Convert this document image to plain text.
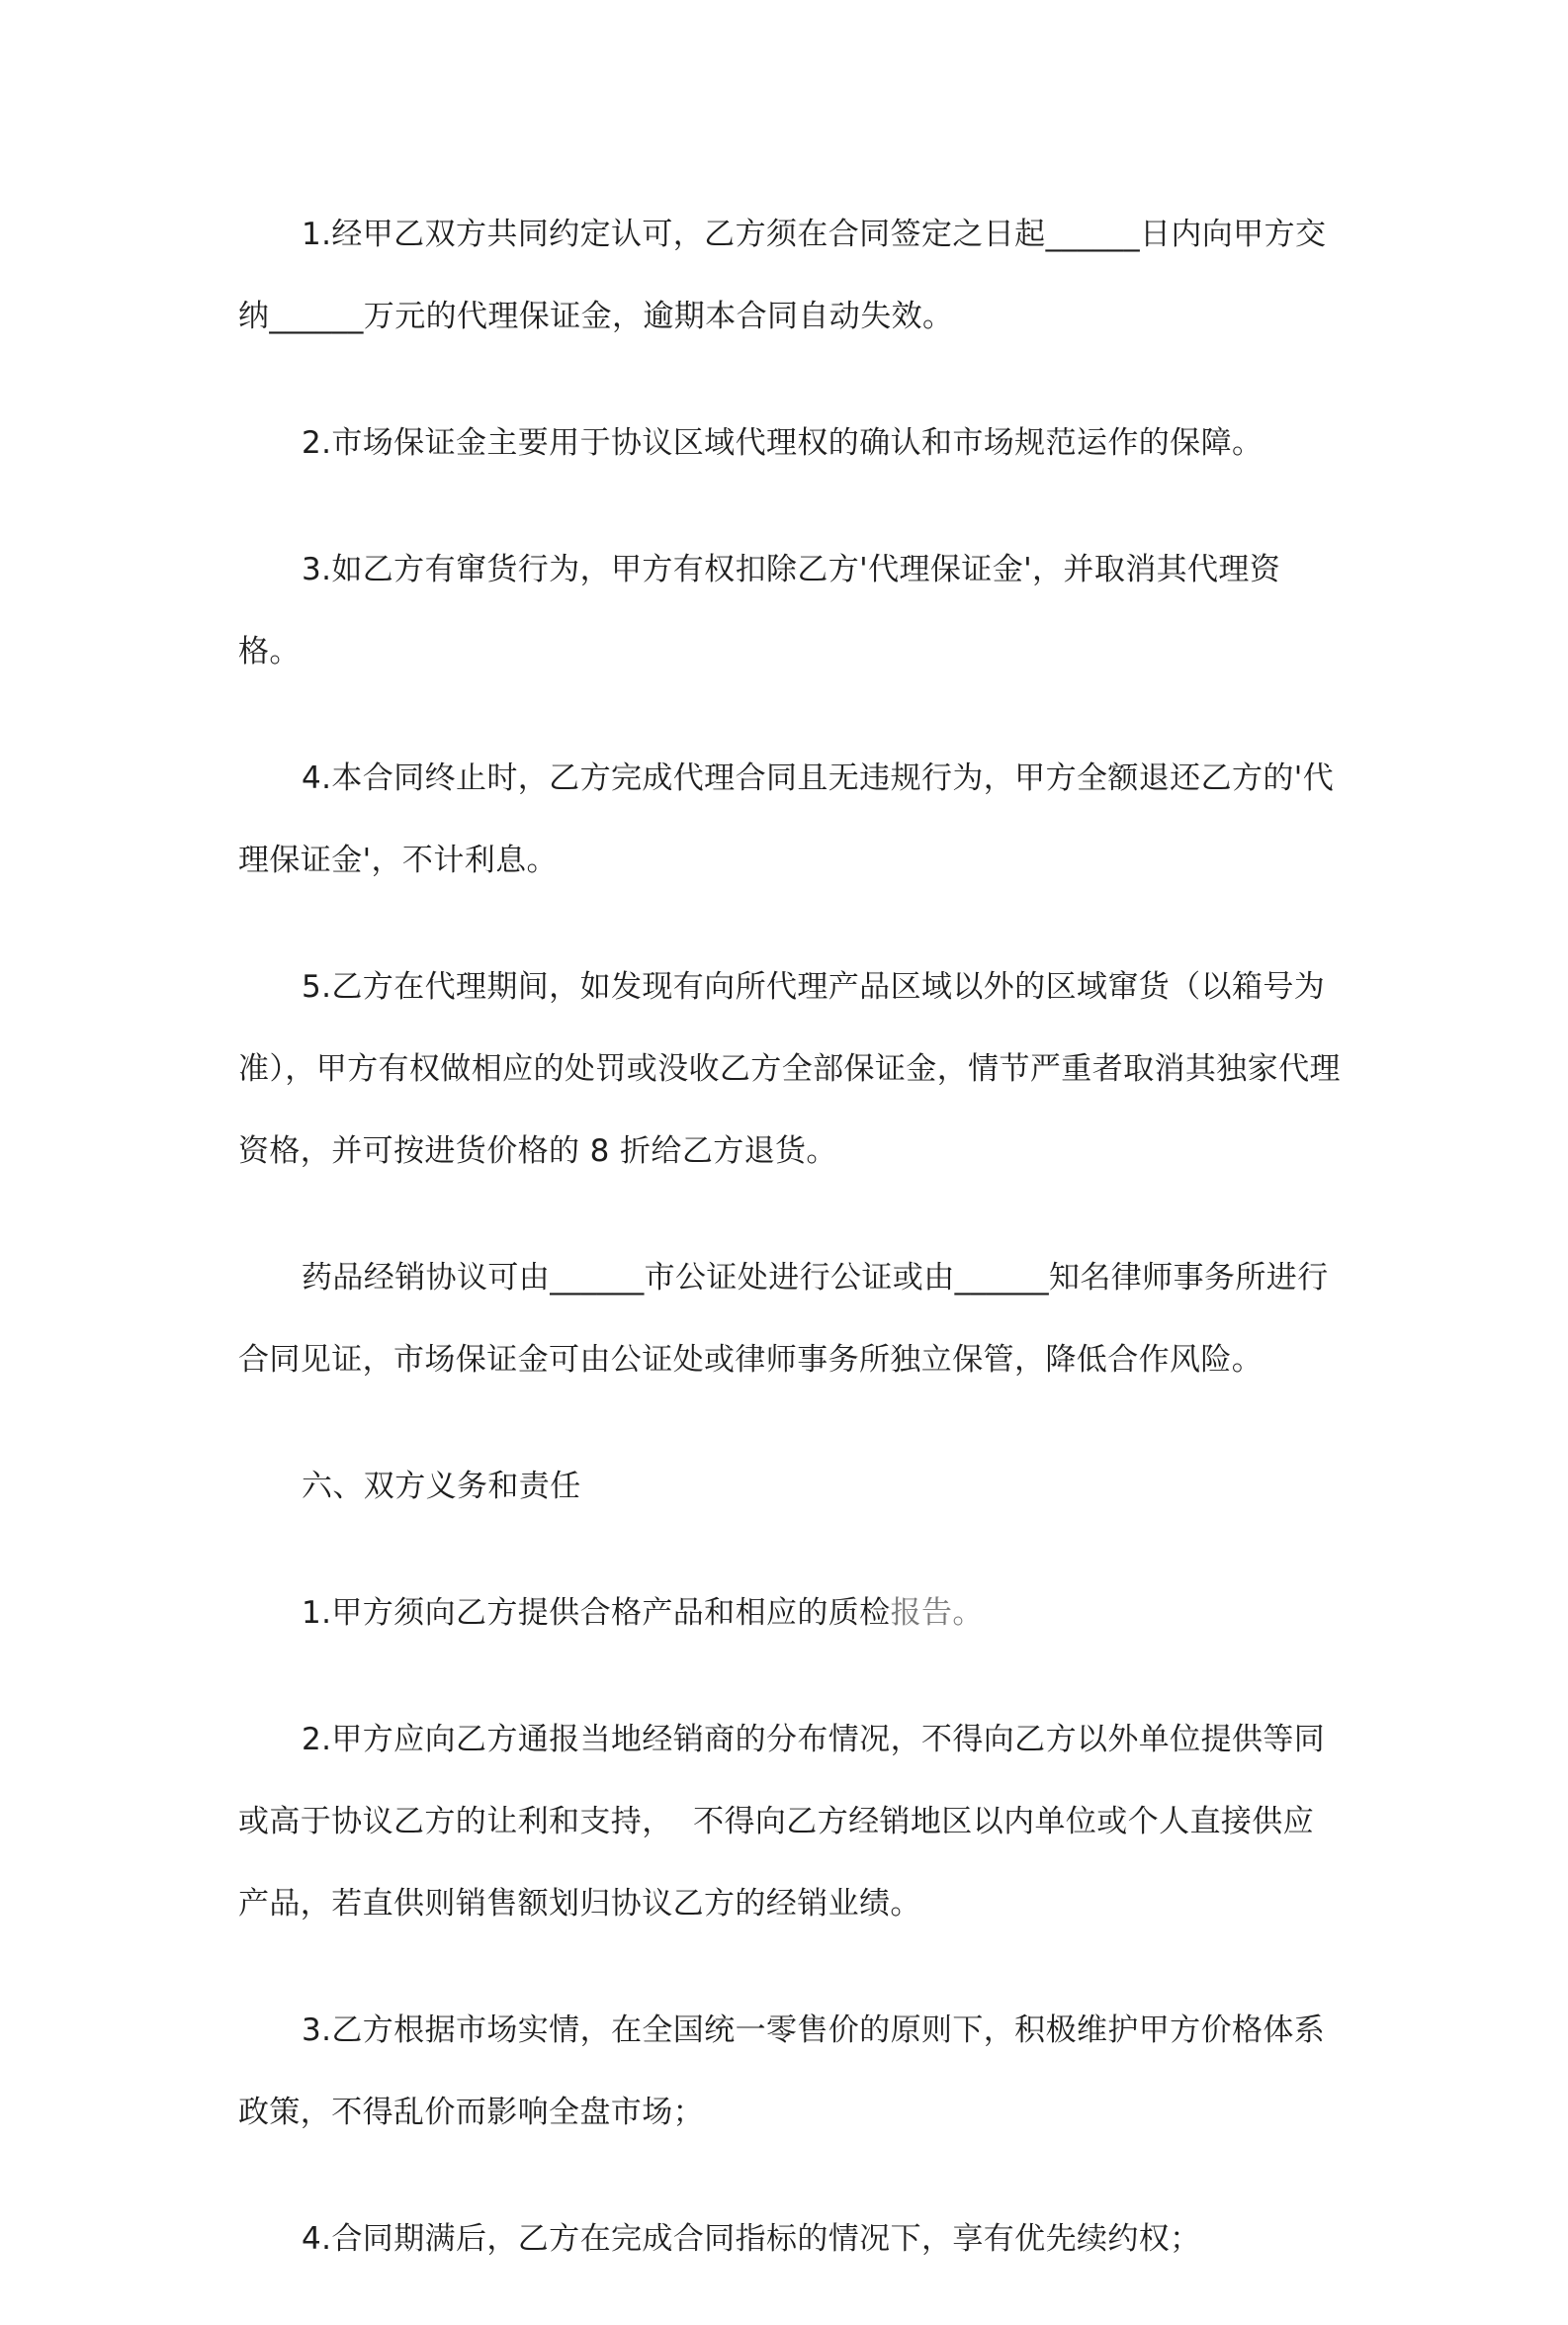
1.经甲乙双方共同约定认可，乙方须在合同签定之日起______日内向甲方交纳______万元的代理保证金，逾期本合同自动失效。

2.市场保证金主要用于协议区域代理权的确认和市场规范运作的保障。

3.如乙方有窜货行为，甲方有权扣除乙方'代理保证金'，并取消其代理资格。

4.本合同终止时，乙方完成代理合同且无违规行为，甲方全额退还乙方的'代理保证金'，不计利息。

5.乙方在代理期间，如发现有向所代理产品区域以外的区域窜货（以箱号为准），甲方有权做相应的处罚或没收乙方全部保证金，情节严重者取消其独家代理资格，并可按进货价格的 8 折给乙方退货。

药品经销协议可由______市公证处进行公证或由______知名律师事务所进行合同见证，市场保证金可由公证处或律师事务所独立保管，降低合作风险。

六、双方义务和责任

1.甲方须向乙方提供合格产品和相应的质检报告。

2.甲方应向乙方通报当地经销商的分布情况，不得向乙方以外单位提供等同或高于协议乙方的让利和支持，  不得向乙方经销地区以内单位或个人直接供应产品，若直供则销售额划归协议乙方的经销业绩。

3.乙方根据市场实情，在全国统一零售价的原则下，积极维护甲方价格体系政策，不得乱价而影响全盘市场；

4.合同期满后，乙方在完成合同指标的情况下，享有优先续约权；
